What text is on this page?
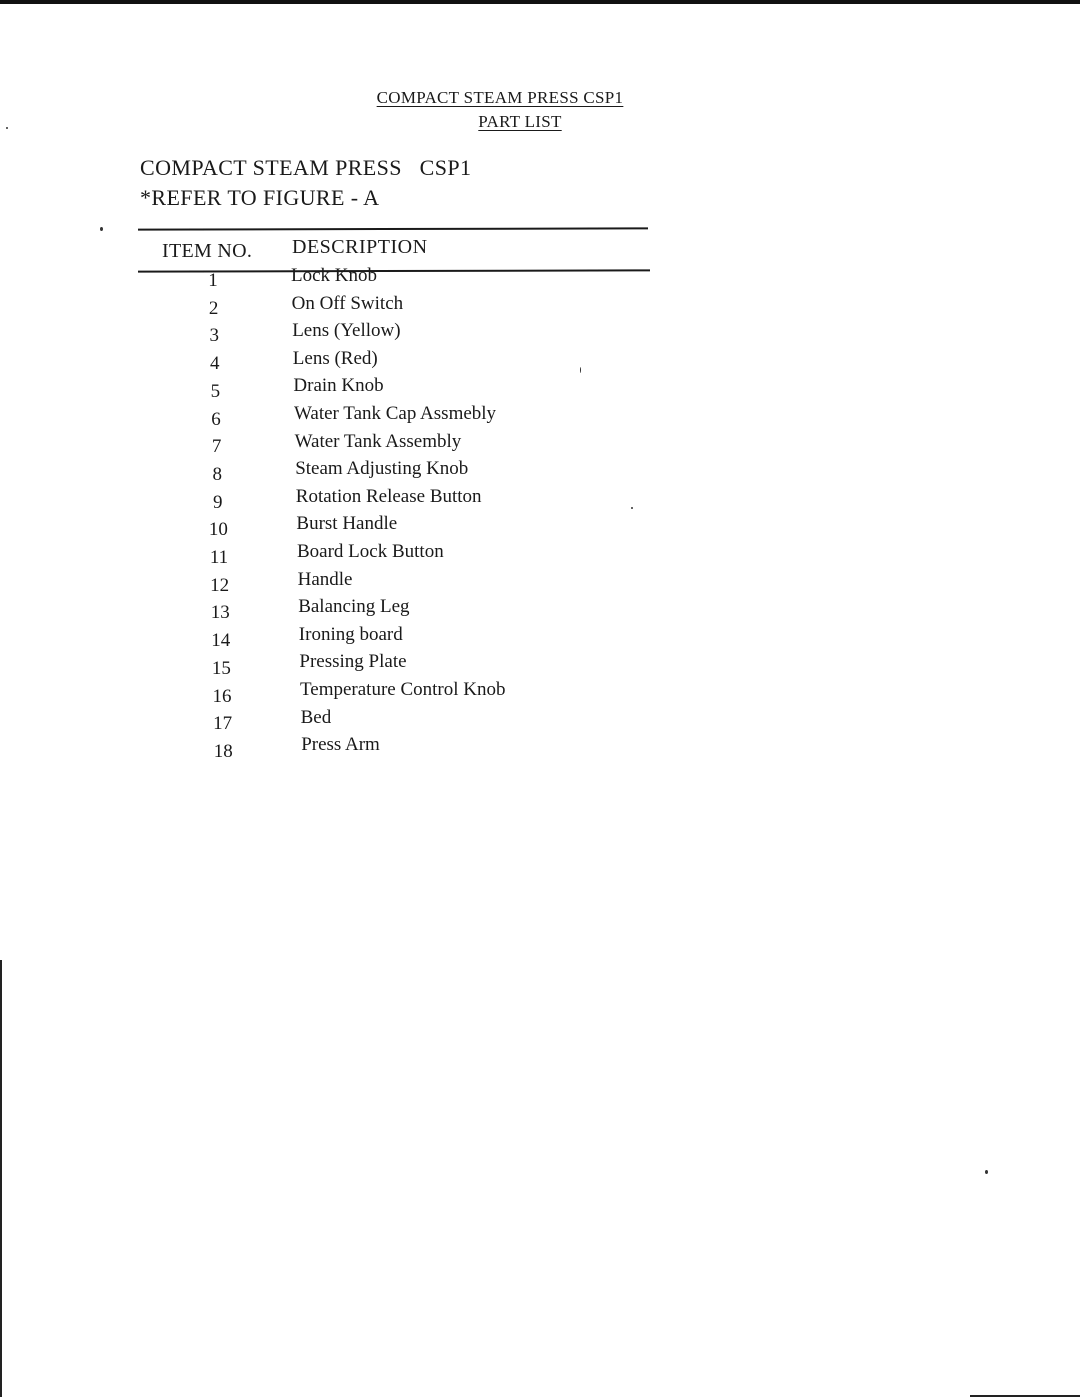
COMPACT STEAM PRESS CSP1
PART LIST
COMPACT STEAM PRESS   CSP1
*REFER TO FIGURE - A
ITEM NO. DESCRIPTION
1	Lock Knob
2	On Off Switch
3	Lens (Yellow)
4	Lens (Red)
5	Drain Knob
6	Water Tank Cap Assmebly
7	Water Tank Assembly
8	Steam Adjusting Knob
9	Rotation Release Button
10	Burst Handle
11	Board Lock Button
12	Handle
13	Balancing Leg
14	Ironing board
15	Pressing Plate
16	Temperature Control Knob
17	Bed
18	Press Arm
